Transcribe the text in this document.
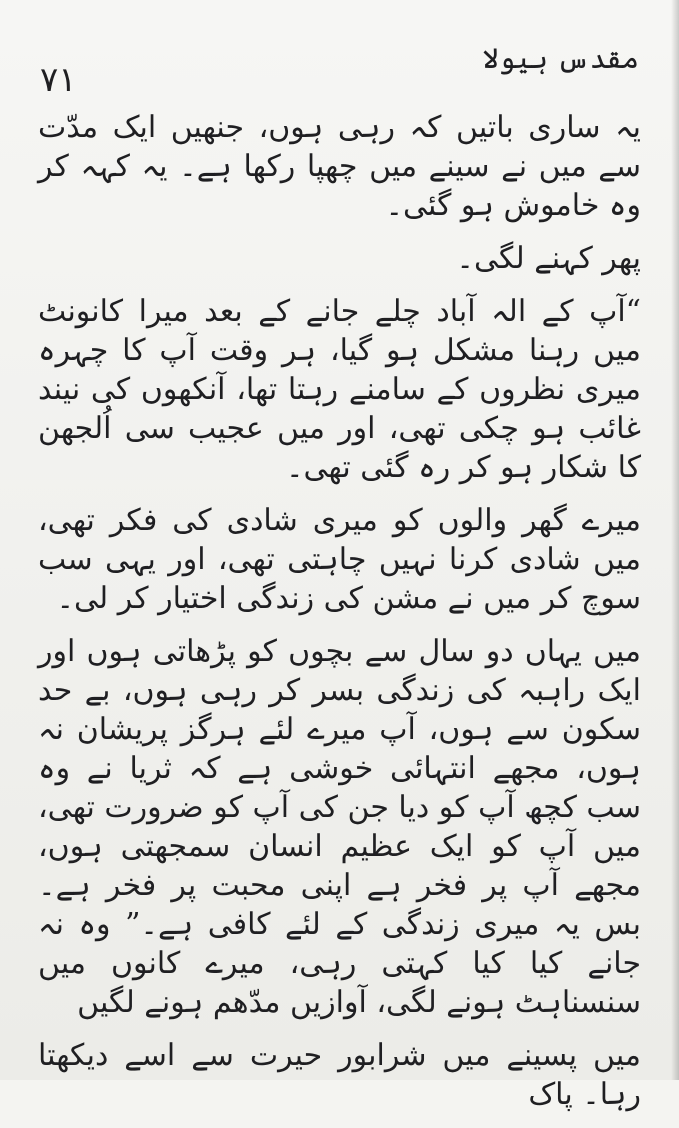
۷۱
مقدس ہیولا

یہ ساری باتیں کہ رہی ہوں، جنھیں ایک مدّت سے میں نے سینے میں چھپا رکھا ہے۔ یہ کہہ کر وہ خاموش ہو گئی۔

پھر کہنے لگی۔

“آپ کے الہ آباد چلے جانے کے بعد میرا کانونٹ میں رہنا مشکل ہو گیا، ہر وقت آپ کا چہرہ میری نظروں کے سامنے رہتا تھا، آنکھوں کی نیند غائب ہو چکی تھی، اور میں عجیب سی اُلجھن کا شکار ہو کر رہ گئی تھی۔

میرے گھر والوں کو میری شادی کی فکر تھی، میں شادی کرنا نہیں چاہتی تھی، اور یہی سب سوچ کر میں نے مشن کی زندگی اختیار کر لی۔

میں یہاں دو سال سے بچوں کو پڑھاتی ہوں اور ایک راہبہ کی زندگی بسر کر رہی ہوں، بے حد سکون سے ہوں، آپ میرے لئے ہرگز پریشان نہ ہوں، مجھے انتہائی خوشی ہے کہ ثریا نے وہ سب کچھ آپ کو دیا جن کی آپ کو ضرورت تھی، میں آپ کو ایک عظیم انسان سمجھتی ہوں، مجھے آپ پر فخر ہے اپنی محبت پر فخر ہے۔ بس یہ میری زندگی کے لئے کافی ہے۔” وہ نہ جانے کیا کیا کہتی رہی، میرے کانوں میں سنسناہٹ ہونے لگی، آوازیں مدّھم ہونے لگیں

میں پسینے میں شرابور حیرت سے اسے دیکھتا رہا۔ پاک
